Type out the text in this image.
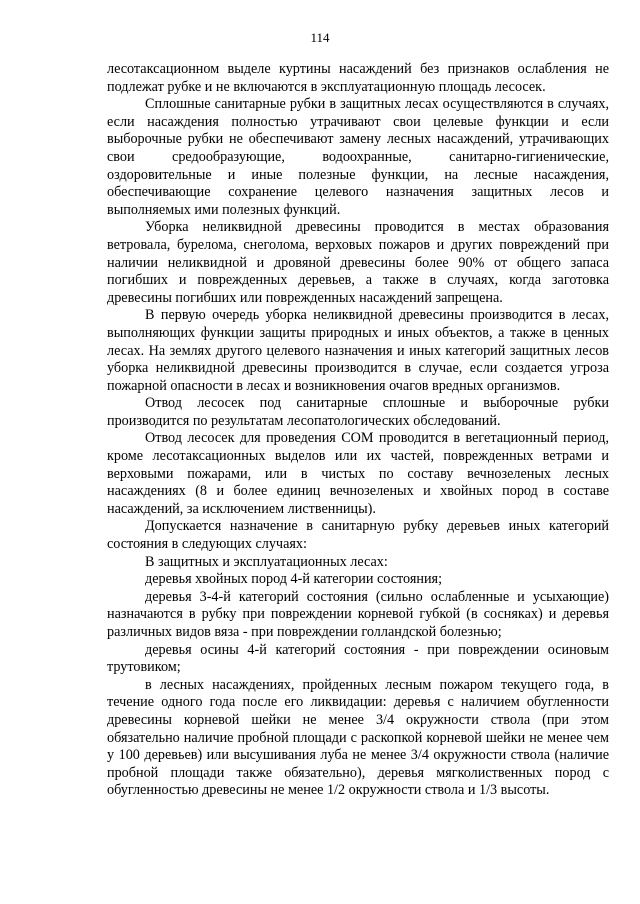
114

лесотаксационном выделе куртины насаждений без признаков ослабления не подлежат рубке и не включаются в эксплуатационную площадь лесосек.

Сплошные санитарные рубки в защитных лесах осуществляются в случаях, если насаждения полностью утрачивают свои целевые функции и если выборочные рубки не обеспечивают замену лесных насаждений, утрачивающих свои средообразующие, водоохранные, санитарно-гигиенические, оздоровительные и иные полезные функции, на лесные насаждения, обеспечивающие сохранение целевого назначения защитных лесов и выполняемых ими полезных функций.

Уборка неликвидной древесины проводится в местах образования ветровала, бурелома, снеголома, верховых пожаров и других повреждений при наличии неликвидной и дровяной древесины более 90% от общего запаса погибших и поврежденных деревьев, а также в случаях, когда заготовка древесины погибших или поврежденных насаждений запрещена.

В первую очередь уборка неликвидной древесины производится в лесах, выполняющих функции защиты природных и иных объектов, а также в ценных лесах. На землях другого целевого назначения и иных категорий защитных лесов уборка неликвидной древесины производится в случае, если создается угроза пожарной опасности в лесах и возникновения очагов вредных организмов.

Отвод лесосек под санитарные сплошные и выборочные рубки производится по результатам лесопатологических обследований.

Отвод лесосек для проведения СОМ проводится в вегетационный период, кроме лесотаксационных выделов или их частей, поврежденных ветрами и верховыми пожарами, или в чистых по составу вечнозеленых лесных насаждениях (8 и более единиц вечнозеленых и хвойных пород в составе насаждений, за исключением лиственницы).

Допускается назначение в санитарную рубку деревьев иных категорий состояния в следующих случаях:

В защитных и эксплуатационных лесах:

деревья хвойных пород 4-й категории состояния;

деревья 3-4-й категорий состояния (сильно ослабленные и усыхающие) назначаются в рубку при повреждении корневой губкой (в сосняках) и деревья различных видов вяза - при повреждении голландской болезнью;

деревья осины 4-й категорий состояния - при повреждении осиновым трутовиком;

в лесных насаждениях, пройденных лесным пожаром текущего года, в течение одного года после его ликвидации: деревья с наличием обугленности древесины корневой шейки не менее 3/4 окружности ствола (при этом обязательно наличие пробной площади с раскопкой корневой шейки не менее чем у 100 деревьев) или высушивания луба не менее 3/4 окружности ствола (наличие пробной площади также обязательно), деревья мягколиственных пород с обугленностью древесины не менее 1/2 окружности ствола и 1/3 высоты.
